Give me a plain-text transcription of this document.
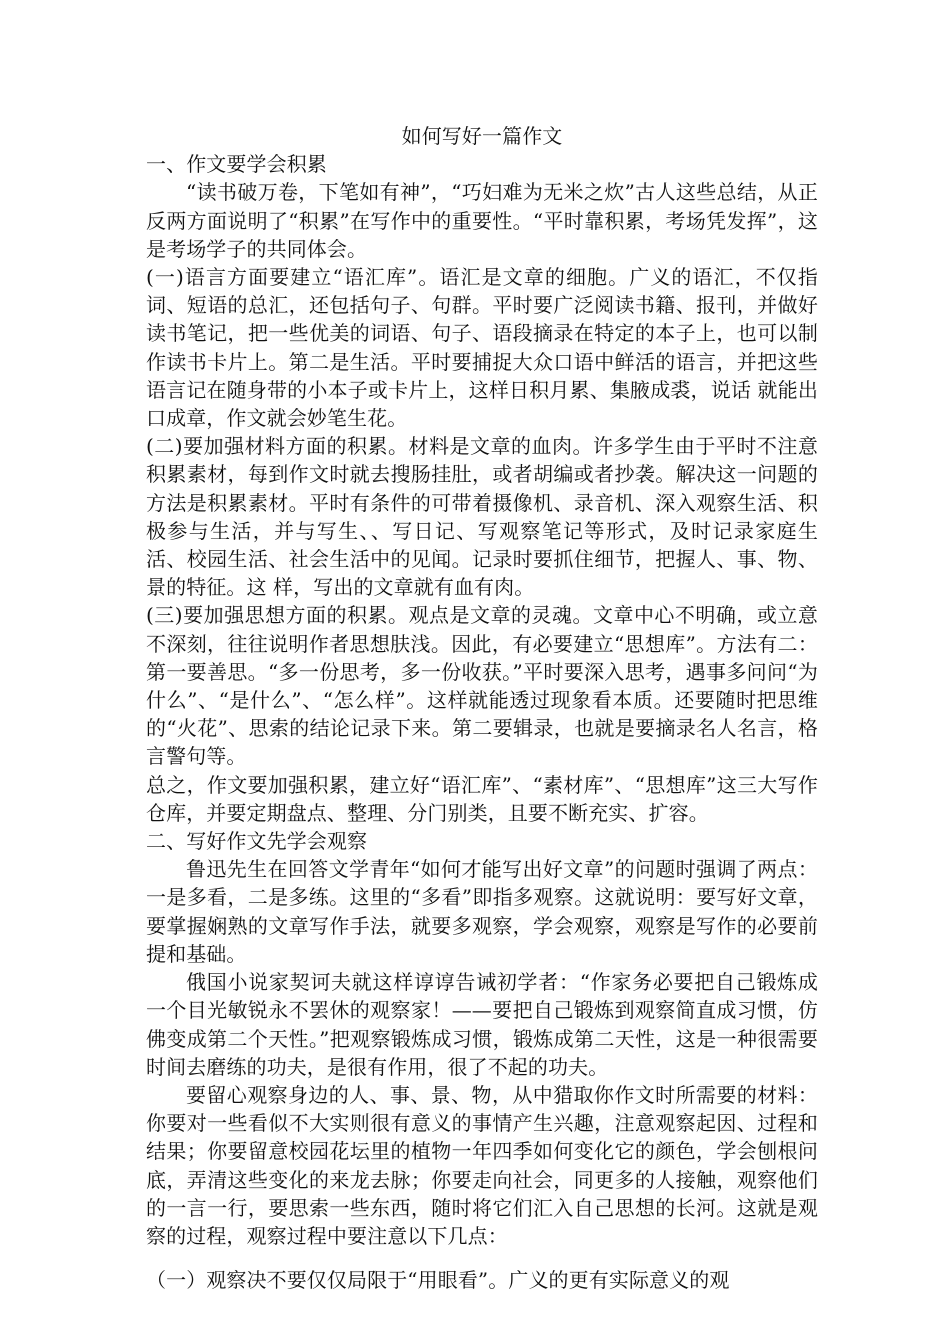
如何写好一篇作文

一、作文要学会积累

“读书破万卷，下笔如有神”，“巧妇难为无米之炊”古人这些总结，从正反两方面说明了“积累”在写作中的重要性。“平时靠积累，考场凭发挥”，这是考场学子的共同体会。

(一)语言方面要建立“语汇库”。语汇是文章的细胞。广义的语汇，不仅指词、短语的总汇，还包括句子、句群。平时要广泛阅读书籍、报刊，并做好读书笔记，把一些优美的词语、句子、语段摘录在特定的本子上，也可以制作读书卡片上。第二是生活。平时要捕捉大众口语中鲜活的语言，并把这些语言记在随身带的小本子或卡片上，这样日积月累、集腋成裘，说话 就能出口成章，作文就会妙笔生花。

(二)要加强材料方面的积累。材料是文章的血肉。许多学生由于平时不注意积累素材，每到作文时就去搜肠挂肚，或者胡编或者抄袭。解决这一问题的方法是积累素材。平时有条件的可带着摄像机、录音机、深入观察生活、积极参与生活，并与写生、、写日记、写观察笔记等形式，及时记录家庭生活、校园生活、社会生活中的见闻。记录时要抓住细节，把握人、事、物、景的特征。这 样，写出的文章就有血有肉。

(三)要加强思想方面的积累。观点是文章的灵魂。文章中心不明确，或立意不深刻，往往说明作者思想肤浅。因此，有必要建立“思想库”。方法有二：第一要善思。“多一份思考，多一份收获。”平时要深入思考，遇事多问问“为什么”、“是什么”、“怎么样”。这样就能透过现象看本质。还要随时把思维的“火花”、思索的结论记录下来。第二要辑录，也就是要摘录名人名言，格言警句等。

总之，作文要加强积累，建立好“语汇库”、“素材库”、“思想库”这三大写作仓库，并要定期盘点、整理、分门别类，且要不断充实、扩容。

二、写好作文先学会观察

鲁迅先生在回答文学青年“如何才能写出好文章”的问题时强调了两点：一是多看，二是多练。这里的“多看”即指多观察。这就说明：要写好文章，要掌握娴熟的文章写作手法，就要多观察，学会观察，观察是写作的必要前提和基础。

俄国小说家契诃夫就这样谆谆告诫初学者：“作家务必要把自己锻炼成一个目光敏锐永不罢休的观察家！——要把自己锻炼到观察简直成习惯，仿佛变成第二个天性。”把观察锻炼成习惯，锻炼成第二天性，这是一种很需要时间去磨练的功夫，是很有作用，很了不起的功夫。

要留心观察身边的人、事、景、物，从中猎取你作文时所需要的材料：你要对一些看似不大实则很有意义的事情产生兴趣，注意观察起因、过程和结果；你要留意校园花坛里的植物一年四季如何变化它的颜色，学会刨根问底，弄清这些变化的来龙去脉；你要走向社会，同更多的人接触，观察他们的一言一行，要思索一些东西，随时将它们汇入自己思想的长河。这就是观察的过程，观察过程中要注意以下几点：

（一）观察决不要仅仅局限于“用眼看”。广义的更有实际意义的观
